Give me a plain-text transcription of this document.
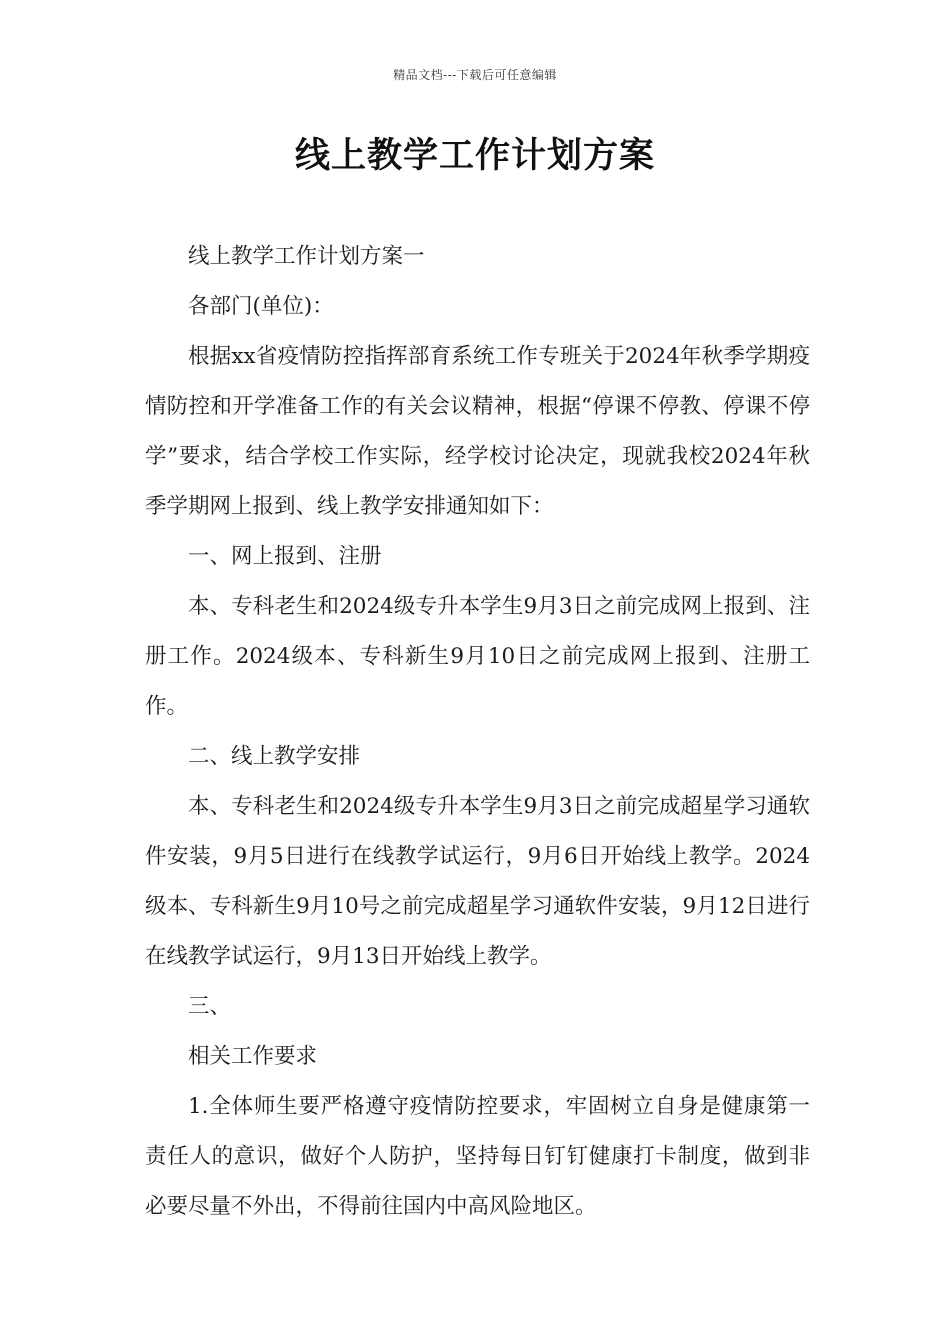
精品文档---下载后可任意编辑
线上教学工作计划方案

线上教学工作计划方案一

各部门(单位)：

根据xx省疫情防控指挥部育系统工作专班关于2024年秋季学期疫情防控和开学准备工作的有关会议精神，根据“停课不停教、停课不停学”要求，结合学校工作实际，经学校讨论决定，现就我校2024年秋季学期网上报到、线上教学安排通知如下：

一、网上报到、注册

本、专科老生和2024级专升本学生9月3日之前完成网上报到、注册工作。2024级本、专科新生9月10日之前完成网上报到、注册工作。

二、线上教学安排

本、专科老生和2024级专升本学生9月3日之前完成超星学习通软件安装，9月5日进行在线教学试运行，9月6日开始线上教学。2024级本、专科新生9月10号之前完成超星学习通软件安装，9月12日进行在线教学试运行，9月13日开始线上教学。

三、

相关工作要求

1.全体师生要严格遵守疫情防控要求，牢固树立自身是健康第一责任人的意识，做好个人防护，坚持每日钉钉健康打卡制度，做到非必要尽量不外出，不得前往国内中高风险地区。
